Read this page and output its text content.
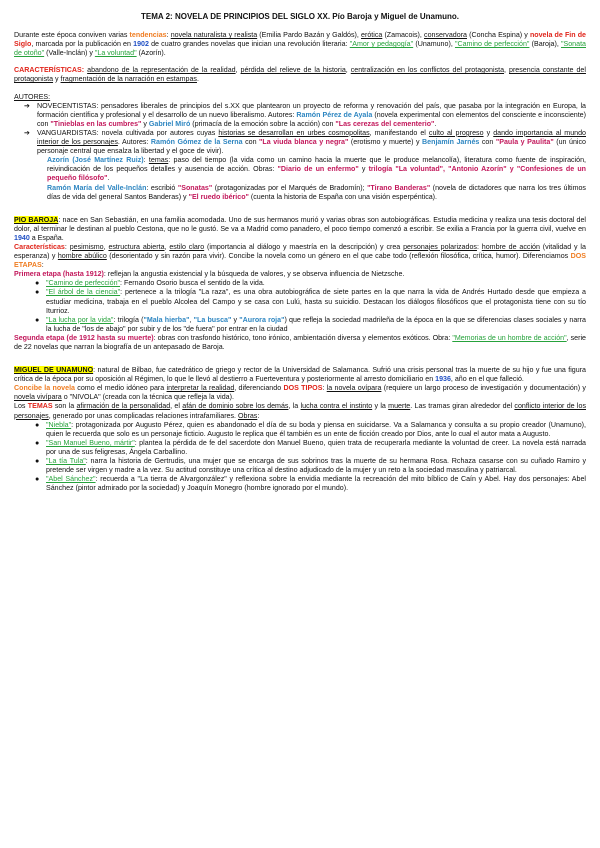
TEMA 2: NOVELA DE PRINCIPIOS DEL SIGLO XX. Pío Baroja y Miguel de Unamuno.

Durante este época conviven varias tendencias: novela naturalista y realista (Emilia Pardo Bazán y Galdós), erótica (Zamacois), conservadora (Concha Espina) y novela de Fin de Siglo, marcada por la publicación en 1902 de cuatro grandes novelas que inician una revolución literaria: "Amor y pedagogía" (Unamuno), "Camino de perfección" (Baroja), "Sonata de otoño" (Valle-Inclán) y "La voluntad" (Azorín).

CARACTERÍSTICAS: abandono de la representación de la realidad, pérdida del relieve de la historia, centralización en los conflictos del protagonista, presencia constante del protagonista y fragmentación de la narración en estampas.

AUTORES:

➔ NOVECENTISTAS: pensadores liberales de principios del s.XX que plantearon un proyecto de reforma y renovación del país, que pasaba por la integración en Europa, la formación científica y profesional y el desarrollo de un nuevo liberalismo. Autores: Ramón Pérez de Ayala (novela experimental con elementos del consciente e inconsciente) con "Tinieblas en las cumbres" y Gabriel Miró (primacía de la emoción sobre la acción) con "Las cerezas del cementerio".
➔ VANGUARDISTAS: novela cultivada por autores cuyas historias se desarrollan en urbes cosmopolitas, manifestando el culto al progreso y dando importancia al mundo interior de los personajes. Autores: Ramón Gómez de la Serna con "La viuda blanca y negra" (erotismo y muerte) y Benjamín Jarnés con "Paula y Paulita" (un único personaje central que ensalza la libertad y el goce de vivir).
Azorín (José Martínez Ruiz): temas: paso del tiempo (la vida como un camino hacia la muerte que le produce melancolía), literatura como fuente de inspiración, reivindicación de los pequeños detalles y ausencia de acción. Obras: "Diario de un enfermo" y trilogía "La voluntad", "Antonio Azorín" y "Confesiones de un pequeño filósofo".
Ramón María del Valle-Inclán: escribió "Sonatas" (protagonizadas por el Marqués de Bradomín); "Tirano Banderas" (novela de dictadores que narra los tres últimos días de vida del general Santos Banderas) y "El ruedo ibérico" (cuenta la historia de España con una visión esperpéntica).

PIO BAROJA: nace en San Sebastián, en una familia acomodada. Uno de sus hermanos murió y varias obras son autobiográficas. Estudia medicina y realiza una tesis doctoral del dolor, al terminar le destinan al pueblo Cestona, que no le gustó. Se va a Madrid como panadero, el poco tiempo comenzó a escribir. Se exilia a Francia por la guerra civil, vuelve en 1940 a España.

Características: pesimismo, estructura abierta, estilo claro (importancia al diálogo y maestría en la descripción) y crea personajes polarizados: hombre de acción (vitalidad y la esperanza) y hombre abúlico (desorientado y sin razón para vivir). Concibe la novela como un género en el que cabe todo (reflexión filosófica, crítica, humor). Diferenciamos DOS ETAPAS:

Primera etapa (hasta 1912): reflejan la angustia existencial y la búsqueda de valores, y se observa influencia de Nietzsche.

● "Camino de perfección": Fernando Osorio busca el sentido de la vida.
● "El árbol de la ciencia": pertenece a la trilogía "La raza", es una obra autobiográfica de siete partes en la que narra la vida de Andrés Hurtado desde que empieza a estudiar medicina, trabaja en el pueblo Alcolea del Campo y se casa con Lulú, hasta su suicidio. Destacan los diálogos filosóficos que el protagonista tiene con su tío Iturrioz.
● "La lucha por la vida": trilogía ("Mala hierba", "La busca" y "Aurora roja") que refleja la sociedad madrileña de la época en la que se diferencias clases sociales y narra la lucha de "los de abajo" por subir y de los "de fuera" por entrar en la ciudad

Segunda etapa (de 1912 hasta su muerte): obras con trasfondo histórico, tono irónico, ambientación diversa y elementos exóticos. Obra: "Memorias de un hombre de acción", serie de 22 novelas que narran la biografía de un antepasado de Baroja.

MIGUEL DE UNAMUNO: natural de Bilbao, fue catedrático de griego y rector de la Universidad de Salamanca. Sufrió una crisis personal tras la muerte de su hijo y fue una figura crítica de la época por su oposición al Régimen, lo que le llevó al destierro a Fuerteventura y posteriormente al arresto domiciliario en 1936, año en el que falleció.

Concibe la novela como el medio idóneo para interpretar la realidad, diferenciando DOS TIPOS: la novela ovípara (requiere un largo proceso de investigación y documentación) y novela vivípara o "NIVOLA" (creada con la técnica que refleja la vida).

Los TEMAS son la afirmación de la personalidad, el afán de dominio sobre los demás, la lucha contra el instinto y la muerte. Las tramas giran alrededor del conflicto interior de los personajes, generado por unas complicadas relaciones intrafamiliares. Obras:

● "Niebla": protagonizada por Augusto Pérez, quien es abandonado el día de su boda y piensa en suicidarse. Va a Salamanca y consulta a su propio creador (Unamuno), quien le recuerda que solo es un personaje ficticio. Augusto le replica que él también es un ente de ficción creado por Dios, ante lo cual el autor mata a Augusto.
● "San Manuel Bueno, mártir": plantea la pérdida de fe del sacerdote don Manuel Bueno, quien trata de recuperarla mediante la voluntad de creer. La novela está narrada por una de sus feligresas, Ángela Carballino.
● "La tía Tula": narra la historia de Gertrudis, una mujer que se encarga de sus sobrinos tras la muerte de su hermana Rosa. Rchaza casarse con su cuñado Ramiro y pretende ser virgen y madre a la vez. Su actitud constituye una crítica al destino adjudicado de la mujer y un reto a la sociedad masculina y patriarcal.
● "Abel Sánchez": recuerda a "La tierra de Alvargonzález" y reflexiona sobre la envidia mediante la recreación del mito bíblico de Caín y Abel. Hay dos personajes: Abel Sánchez (pintor admirado por la sociedad) y Joaquín Monegro (hombre ignorado por el mundo).
